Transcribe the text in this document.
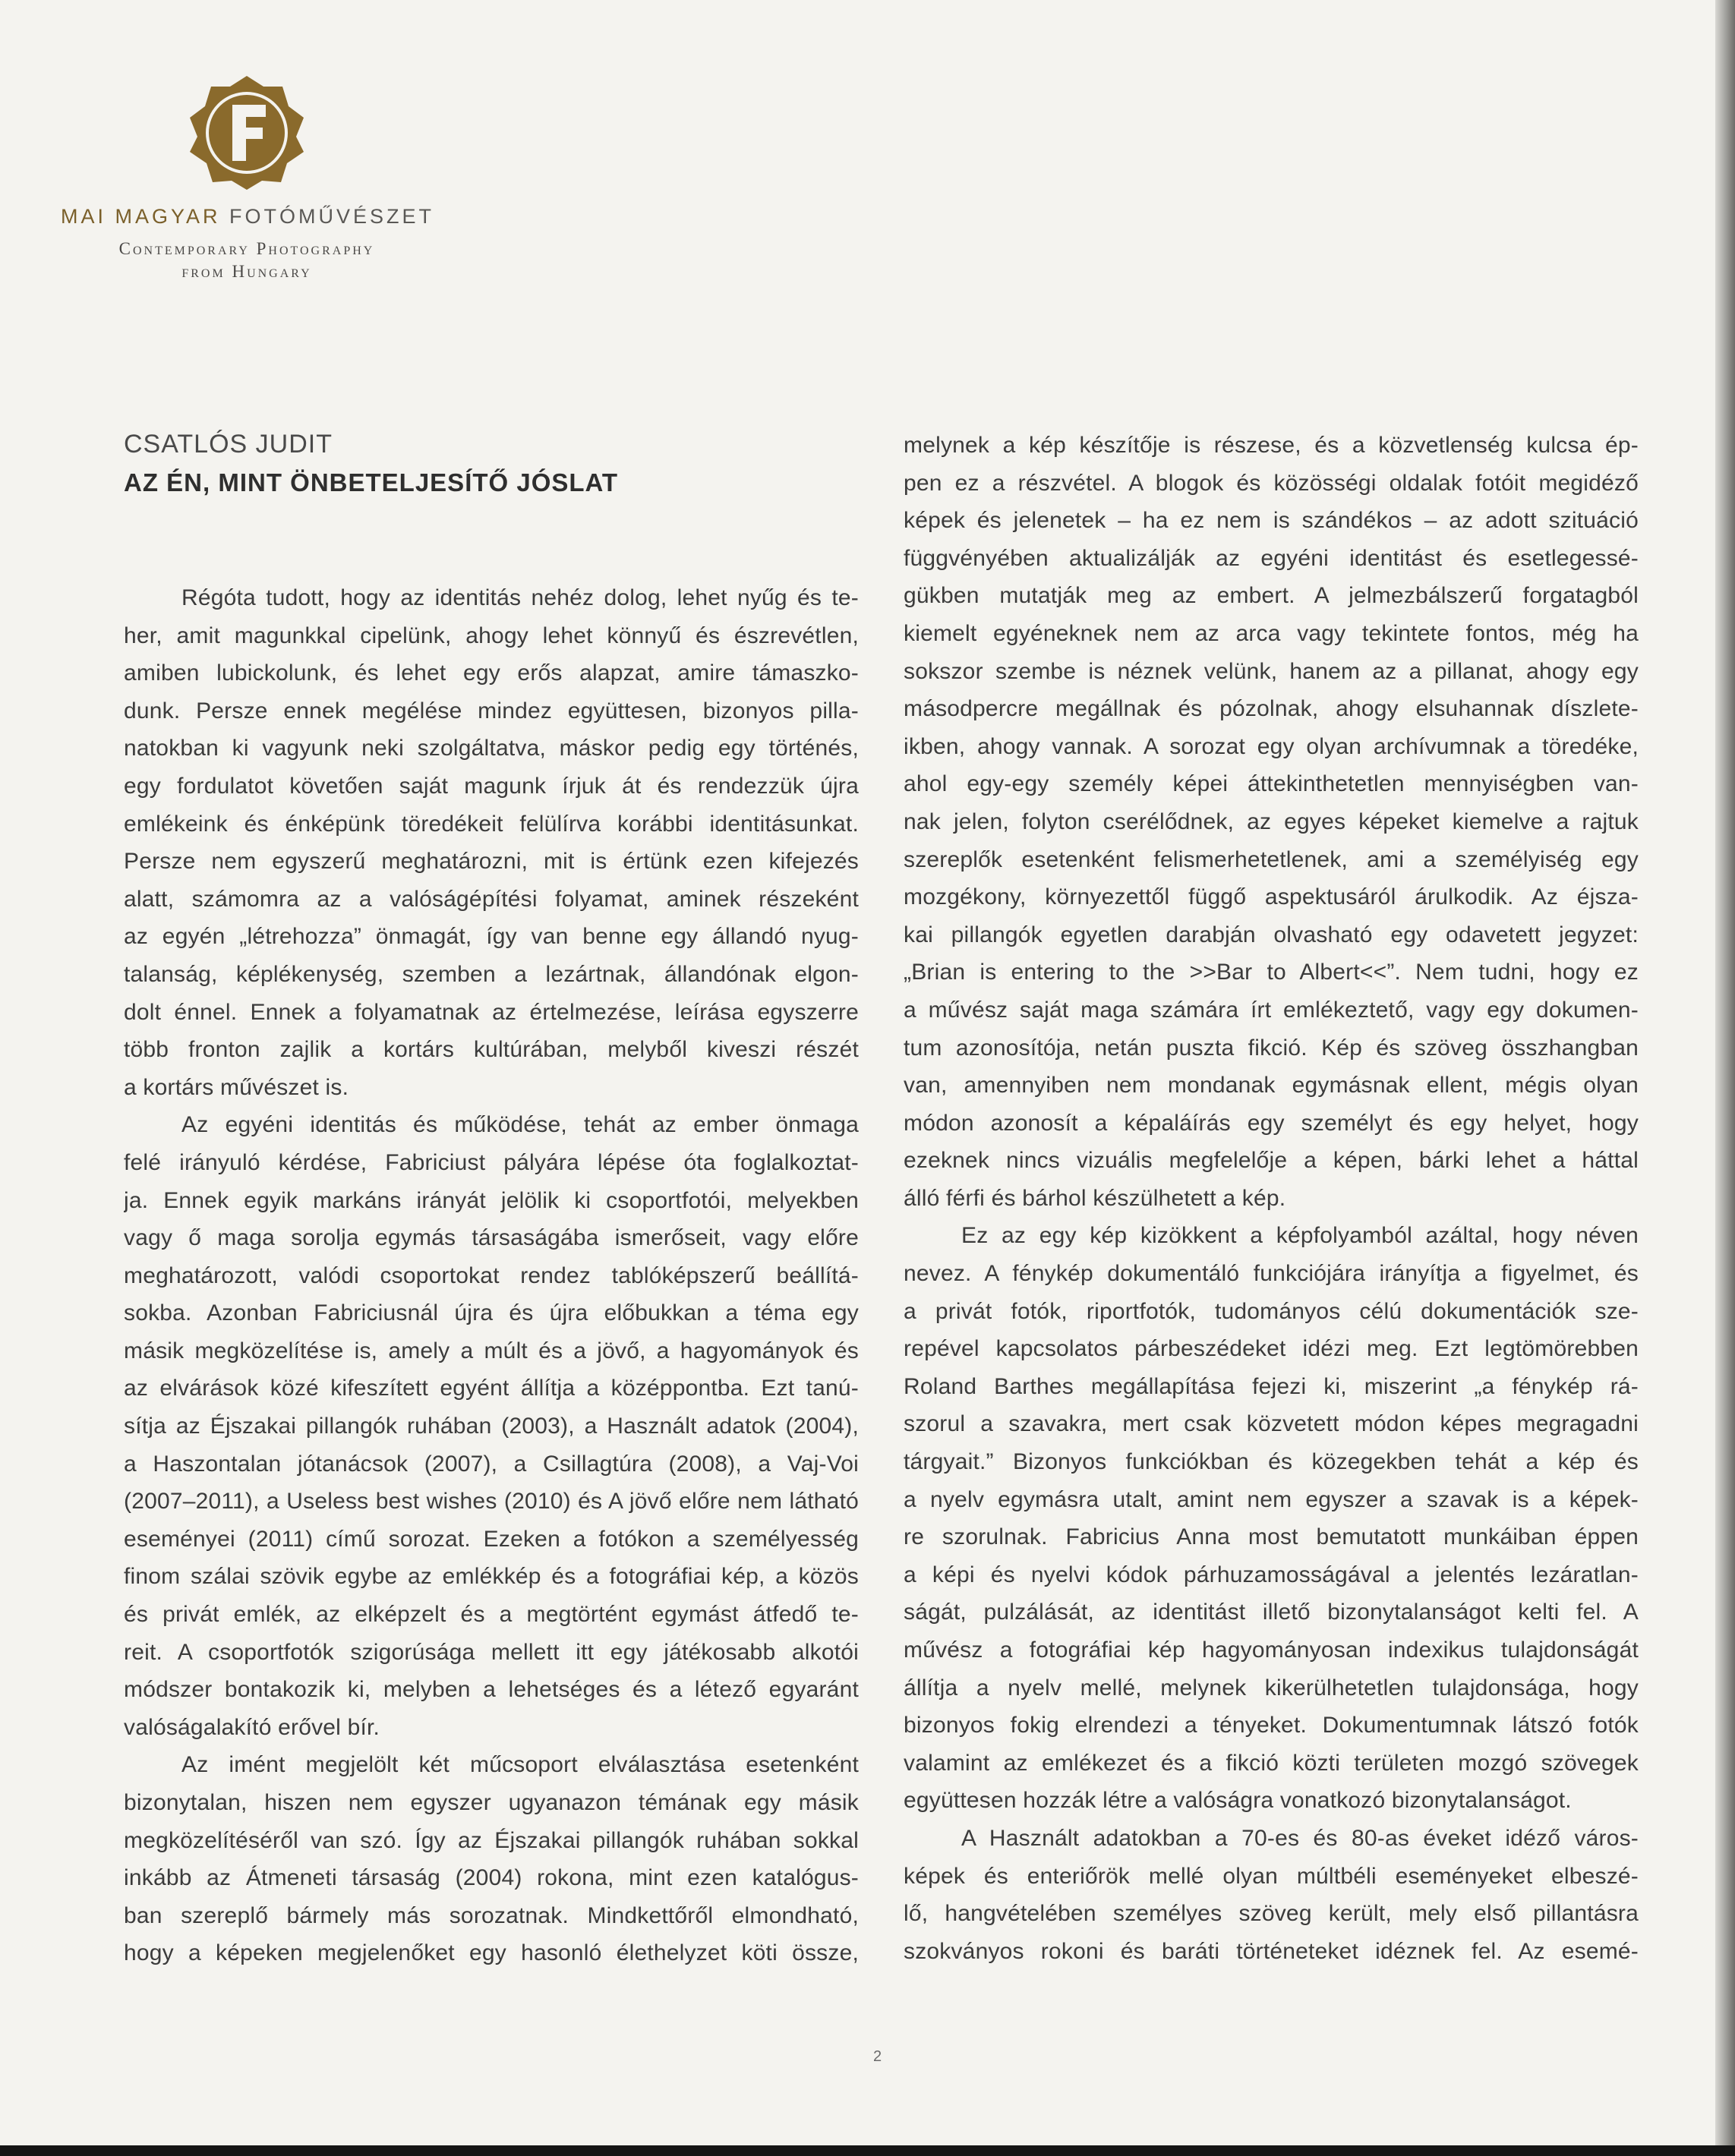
MAI MAGYAR FOTÓMŰVÉSZET
Contemporary Photography
from Hungary
CSATLÓS JUDIT
AZ ÉN, MINT ÖNBETELJESÍTŐ JÓSLAT
Régóta tudott, hogy az identitás nehéz dolog, lehet nyűg és te-
her, amit magunkkal cipelünk, ahogy lehet könnyű és észrevétlen,
amiben lubickolunk, és lehet egy erős alapzat, amire támaszko-
dunk. Persze ennek megélése mindez együttesen, bizonyos pilla-
natokban ki vagyunk neki szolgáltatva, máskor pedig egy történés,
egy fordulatot követően saját magunk írjuk át és rendezzük újra
emlékeink és énképünk töredékeit felülírva korábbi identitásunkat.
Persze nem egyszerű meghatározni, mit is értünk ezen kifejezés
alatt, számomra az a valóságépítési folyamat, aminek részeként
az egyén „létrehozza” önmagát, így van benne egy állandó nyug-
talanság, képlékenység, szemben a lezártnak, állandónak elgon-
dolt énnel. Ennek a folyamatnak az értelmezése, leírása egyszerre
több fronton zajlik a kortárs kultúrában, melyből kiveszi részét
a kortárs művészet is.
Az egyéni identitás és működése, tehát az ember önmaga
felé irányuló kérdése, Fabriciust pályára lépése óta foglalkoztat-
ja. Ennek egyik markáns irányát jelölik ki csoportfotói, melyekben
vagy ő maga sorolja egymás társaságába ismerőseit, vagy előre
meghatározott, valódi csoportokat rendez tablóképszerű beállítá-
sokba. Azonban Fabriciusnál újra és újra előbukkan a téma egy
másik megközelítése is, amely a múlt és a jövő, a hagyományok és
az elvárások közé kifeszített egyént állítja a középpontba. Ezt tanú-
sítja az Éjszakai pillangók ruhában (2003), a Használt adatok (2004),
a Haszontalan jótanácsok (2007), a Csillagtúra (2008), a Vaj-Voi
(2007–2011), a Useless best wishes (2010) és A jövő előre nem látható
eseményei (2011) című sorozat. Ezeken a fotókon a személyesség
finom szálai szövik egybe az emlékkép és a fotográfiai kép, a közös
és privát emlék, az elképzelt és a megtörtént egymást átfedő te-
reit. A csoportfotók szigorúsága mellett itt egy játékosabb alkotói
módszer bontakozik ki, melyben a lehetséges és a létező egyaránt
valóságalakító erővel bír.
Az imént megjelölt két műcsoport elválasztása esetenként
bizonytalan, hiszen nem egyszer ugyanazon témának egy másik
megközelítéséről van szó. Így az Éjszakai pillangók ruhában sokkal
inkább az Átmeneti társaság (2004) rokona, mint ezen katalógus-
ban szereplő bármely más sorozatnak. Mindkettőről elmondható,
hogy a képeken megjelenőket egy hasonló élethelyzet köti össze,
melynek a kép készítője is részese, és a közvetlenség kulcsa ép-
pen ez a részvétel. A blogok és közösségi oldalak fotóit megidéző
képek és jelenetek – ha ez nem is szándékos – az adott szituáció
függvényében aktualizálják az egyéni identitást és esetlegessé-
gükben mutatják meg az embert. A jelmezbálszerű forgatagból
kiemelt egyéneknek nem az arca vagy tekintete fontos, még ha
sokszor szembe is néznek velünk, hanem az a pillanat, ahogy egy
másodpercre megállnak és pózolnak, ahogy elsuhannak díszlete-
ikben, ahogy vannak. A sorozat egy olyan archívumnak a töredéke,
ahol egy-egy személy képei áttekinthetetlen mennyiségben van-
nak jelen, folyton cserélődnek, az egyes képeket kiemelve a rajtuk
szereplők esetenként felismerhetetlenek, ami a személyiség egy
mozgékony, környezettől függő aspektusáról árulkodik. Az éjsza-
kai pillangók egyetlen darabján olvasható egy odavetett jegyzet:
„Brian is entering to the >>Bar to Albert<<”. Nem tudni, hogy ez
a művész saját maga számára írt emlékeztető, vagy egy dokumen-
tum azonosítója, netán puszta fikció. Kép és szöveg összhangban
van, amennyiben nem mondanak egymásnak ellent, mégis olyan
módon azonosít a képaláírás egy személyt és egy helyet, hogy
ezeknek nincs vizuális megfelelője a képen, bárki lehet a háttal
álló férfi és bárhol készülhetett a kép.
Ez az egy kép kizökkent a képfolyamból azáltal, hogy néven
nevez. A fénykép dokumentáló funkciójára irányítja a figyelmet, és
a privát fotók, riportfotók, tudományos célú dokumentációk sze-
repével kapcsolatos párbeszédeket idézi meg. Ezt legtömörebben
Roland Barthes megállapítása fejezi ki, miszerint „a fénykép rá-
szorul a szavakra, mert csak közvetett módon képes megragadni
tárgyait.” Bizonyos funkciókban és közegekben tehát a kép és
a nyelv egymásra utalt, amint nem egyszer a szavak is a képek-
re szorulnak. Fabricius Anna most bemutatott munkáiban éppen
a képi és nyelvi kódok párhuzamosságával a jelentés lezáratlan-
ságát, pulzálását, az identitást illető bizonytalanságot kelti fel. A
művész a fotográfiai kép hagyományosan indexikus tulajdonságát
állítja a nyelv mellé, melynek kikerülhetetlen tulajdonsága, hogy
bizonyos fokig elrendezi a tényeket. Dokumentumnak látszó fotók
valamint az emlékezet és a fikció közti területen mozgó szövegek
együttesen hozzák létre a valóságra vonatkozó bizonytalanságot.
A Használt adatokban a 70-es és 80-as éveket idéző város-
képek és enteriőrök mellé olyan múltbéli eseményeket elbeszé-
lő, hangvételében személyes szöveg került, mely első pillantásra
szokványos rokoni és baráti történeteket idéznek fel. Az esemé-
2
